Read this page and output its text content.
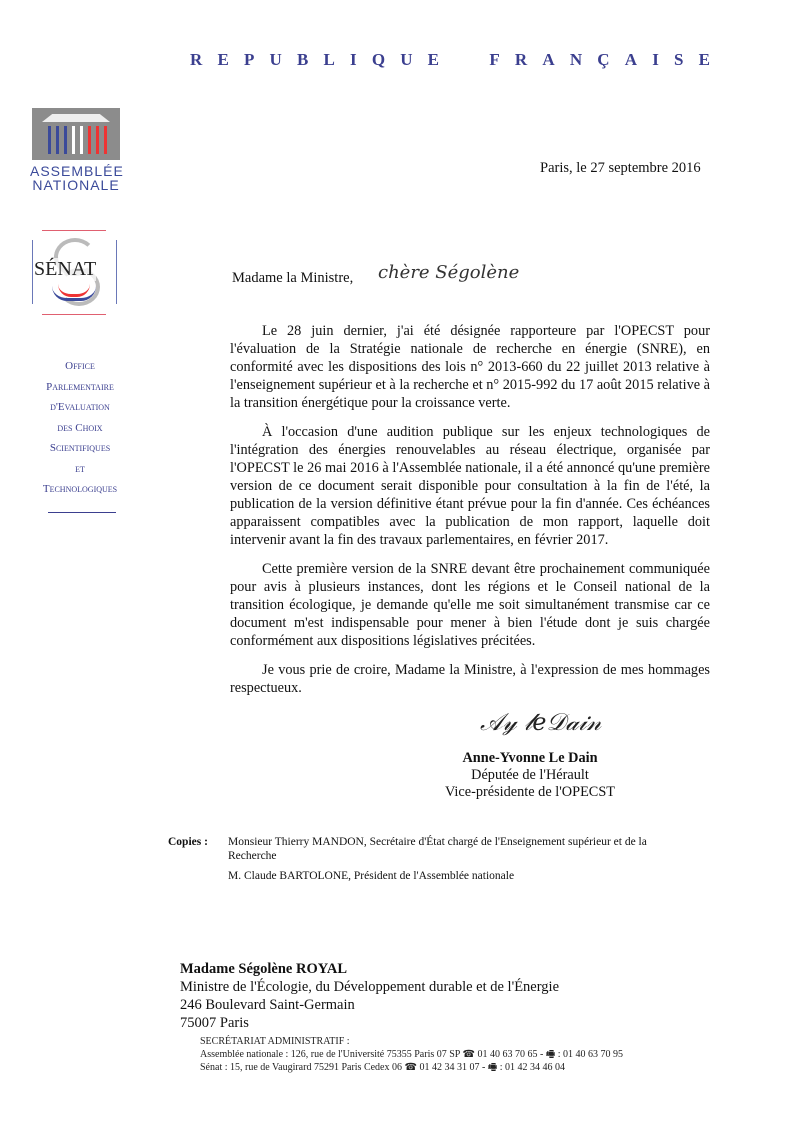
R E P U B L I Q U E	F R A N Ç A I S E
ASSEMBLÉE
NATIONALE
SÉNAT
Office
Parlementaire
d'Evaluation
des Choix
Scientifiques
et
Technologiques
Paris, le 27 septembre 2016
Madame la Ministre, chère Ségolène

Le 28 juin dernier, j'ai été désignée rapporteure par l'OPECST pour l'évaluation de la Stratégie nationale de recherche en énergie (SNRE), en conformité avec les dispositions des lois n° 2013-660 du 22 juillet 2013 relative à l'enseignement supérieur et à la recherche et n° 2015-992 du 17 août 2015 relative à la transition énergétique pour la croissance verte.

À l'occasion d'une audition publique sur les enjeux technologiques de l'intégration des énergies renouvelables au réseau électrique, organisée par l'OPECST le 26 mai 2016 à l'Assemblée nationale, il a été annoncé qu'une première version de ce document serait disponible pour consultation à la fin de l'été, la publication de la version définitive étant prévue pour la fin d'année. Ces échéances apparaissent compatibles avec la publication de mon rapport, laquelle doit intervenir avant la fin des travaux parlementaires, en février 2017.

Cette première version de la SNRE devant être prochainement communiquée pour avis à plusieurs instances, dont les régions et le Conseil national de la transition écologique, je demande qu'elle me soit simultanément transmise car ce document m'est indispensable pour mener à bien l'étude dont je suis chargée conformément aux dispositions législatives précitées.

Je vous prie de croire, Madame la Ministre, à l'expression de mes hommages respectueux.

𝒜𝓎 𝓁𝑒𝒟𝒶𝒾𝓃
Anne-Yvonne Le Dain
Députée de l'Hérault
Vice-présidente de l'OPECST
Copies : Monsieur Thierry MANDON, Secrétaire d'État chargé de l'Enseignement supérieur et de la Recherche
M. Claude BARTOLONE, Président de l'Assemblée nationale
Madame Ségolène ROYAL
Ministre de l'Écologie, du Développement durable et de l'Énergie
246 Boulevard Saint-Germain
75007 Paris
SECRÉTARIAT ADMINISTRATIF :
Assemblée nationale : 126, rue de l'Université 75355 Paris 07 SP ☎ 01 40 63 70 65 - 🖷 : 01 40 63 70 95
Sénat : 15, rue de Vaugirard 75291 Paris Cedex 06 ☎ 01 42 34 31 07 - 🖷 : 01 42 34 46 04
